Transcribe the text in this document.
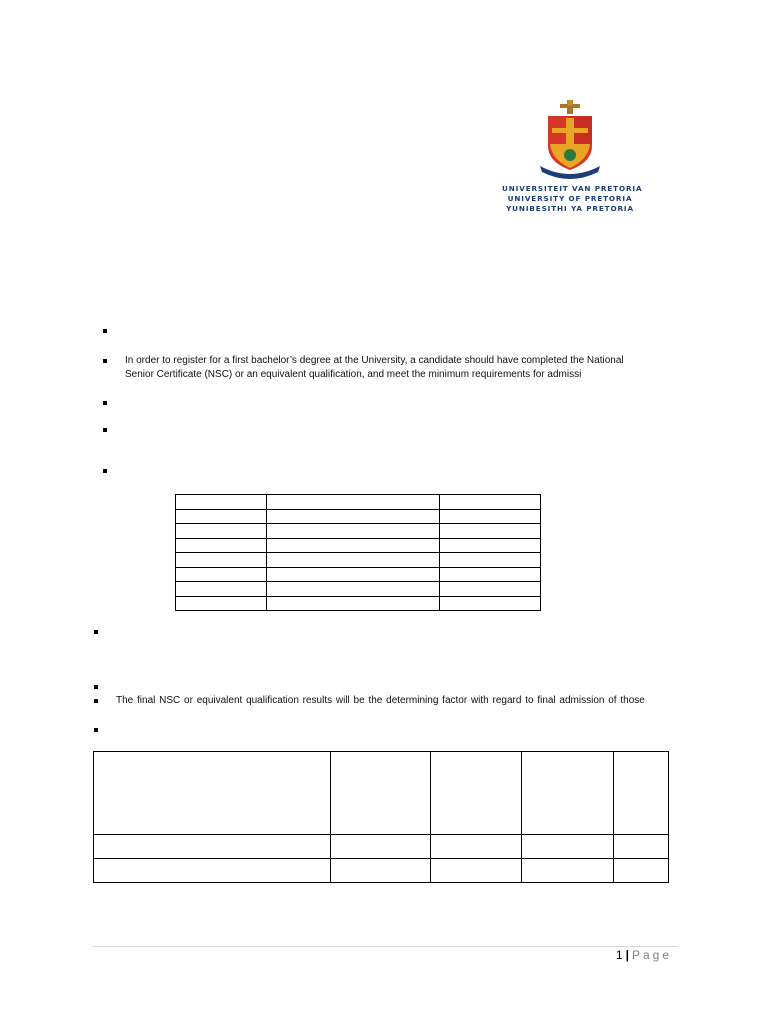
UNIVERSITEIT VAN PRETORIA
UNIVERSITY OF PRETORIA
YUNIBESITHI YA PRETORIA
In order to register for a first bachelor’s degree at the University, a candidate should have completed the National
Senior Certificate (NSC) or an equivalent qualification, and meet the minimum requirements for admissi

The final NSC or equivalent qualification results will be the determining factor with regard to final admission of those

1 | Page
